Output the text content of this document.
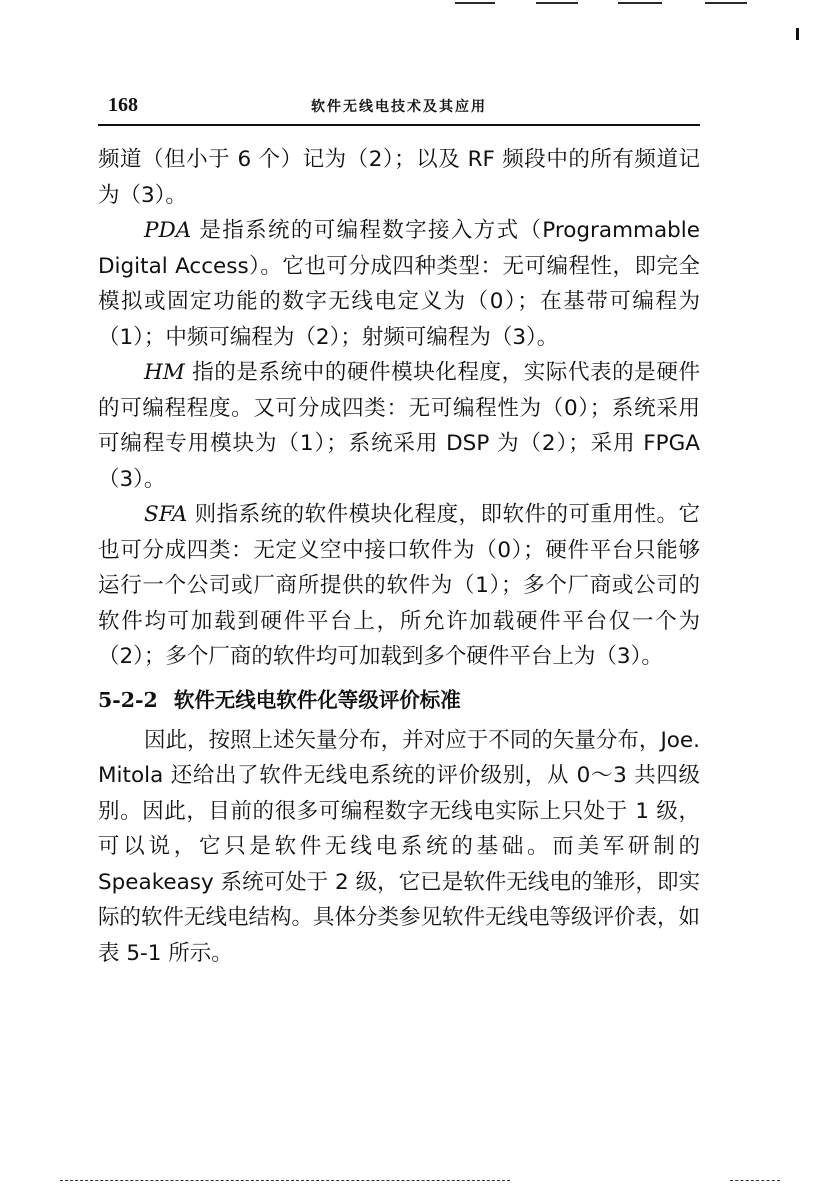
168	软件无线电技术及其应用

频道（但小于 6 个）记为（2）；以及 RF 频段中的所有频道记为（3）。

PDA 是指系统的可编程数字接入方式（Programmable Digital Access）。它也可分成四种类型：无可编程性，即完全模拟或固定功能的数字无线电定义为（0）；在基带可编程为（1）；中频可编程为（2）；射频可编程为（3）。

HM 指的是系统中的硬件模块化程度，实际代表的是硬件的可编程程度。又可分成四类：无可编程性为（0）；系统采用可编程专用模块为（1）；系统采用 DSP 为（2）；采用 FPGA（3）。

SFA 则指系统的软件模块化程度，即软件的可重用性。它也可分成四类：无定义空中接口软件为（0）；硬件平台只能够运行一个公司或厂商所提供的软件为（1）；多个厂商或公司的软件均可加载到硬件平台上，所允许加载硬件平台仅一个为（2）；多个厂商的软件均可加载到多个硬件平台上为（3）。

5-2-2 软件无线电软件化等级评价标准

因此，按照上述矢量分布，并对应于不同的矢量分布，Joe. Mitola 还给出了软件无线电系统的评价级别，从 0～3 共四级别。因此，目前的很多可编程数字无线电实际上只处于 1 级，可以说，它只是软件无线电系统的基础。而美军研制的 Speakeasy 系统可处于 2 级，它已是软件无线电的雏形，即实际的软件无线电结构。具体分类参见软件无线电等级评价表，如表 5-1 所示。
